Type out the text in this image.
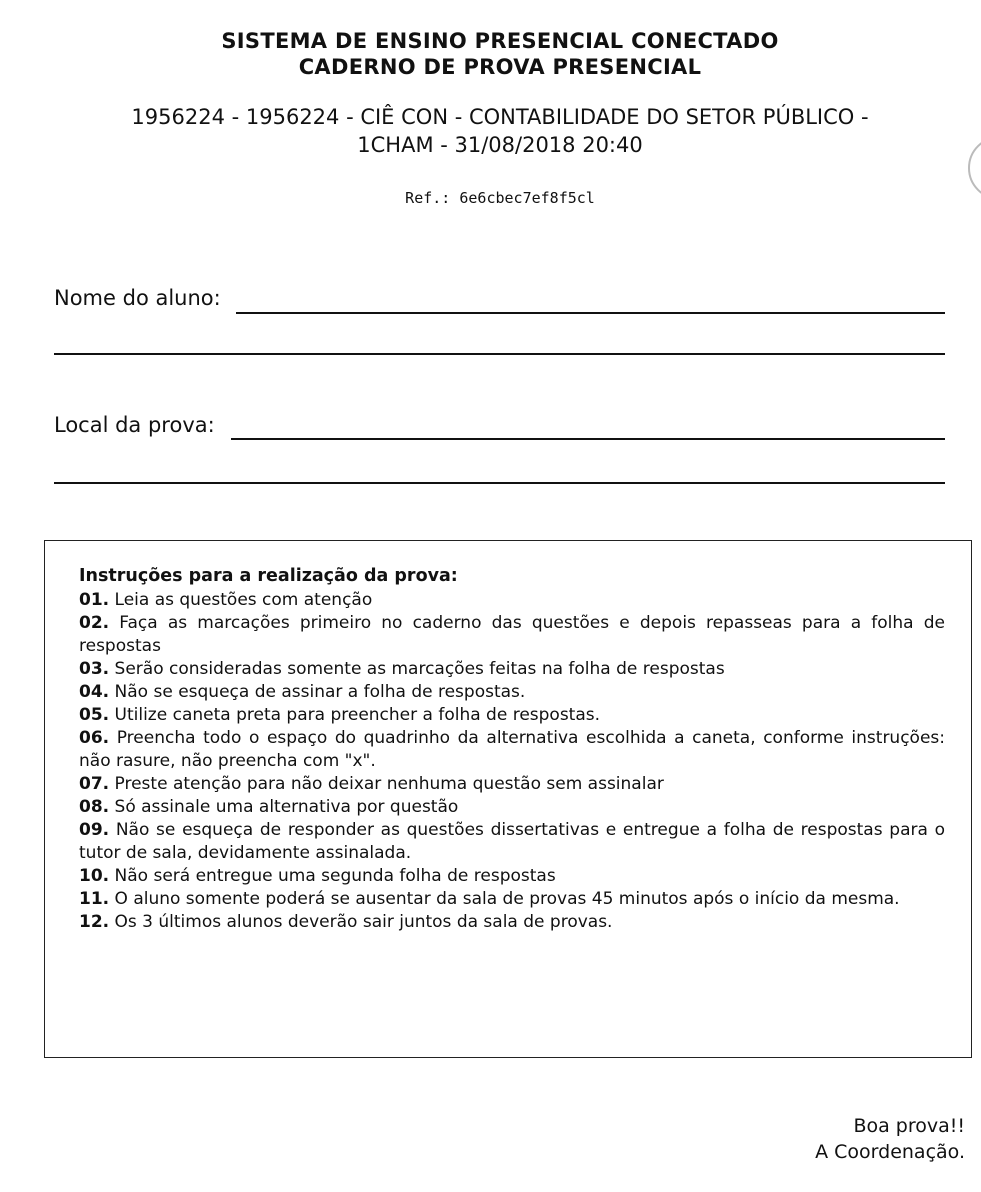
SISTEMA DE ENSINO PRESENCIAL CONECTADO
CADERNO DE PROVA PRESENCIAL
1956224 - 1956224 - CIÊ CON - CONTABILIDADE DO SETOR PÚBLICO -
1CHAM - 31/08/2018 20:40
Ref.: 6e6cbec7ef8f5cl
Nome do aluno:
Local da prova:
Instruções para a realização da prova:

01. Leia as questões com atenção

02. Faça as marcações primeiro no caderno das questões e depois repasseas para a folha de respostas

03. Serão consideradas somente as marcações feitas na folha de respostas

04. Não se esqueça de assinar a folha de respostas.

05. Utilize caneta preta para preencher a folha de respostas.

06. Preencha todo o espaço do quadrinho da alternativa escolhida a caneta, conforme instruções: não rasure, não preencha com "x".

07. Preste atenção para não deixar nenhuma questão sem assinalar

08. Só assinale uma alternativa por questão

09. Não se esqueça de responder as questões dissertativas e entregue a folha de respostas para o tutor de sala, devidamente assinalada.

10. Não será entregue uma segunda folha de respostas

11. O aluno somente poderá se ausentar da sala de provas 45 minutos após o início da mesma.

12. Os 3 últimos alunos deverão sair juntos da sala de provas.

Boa prova!!
A Coordenação.
